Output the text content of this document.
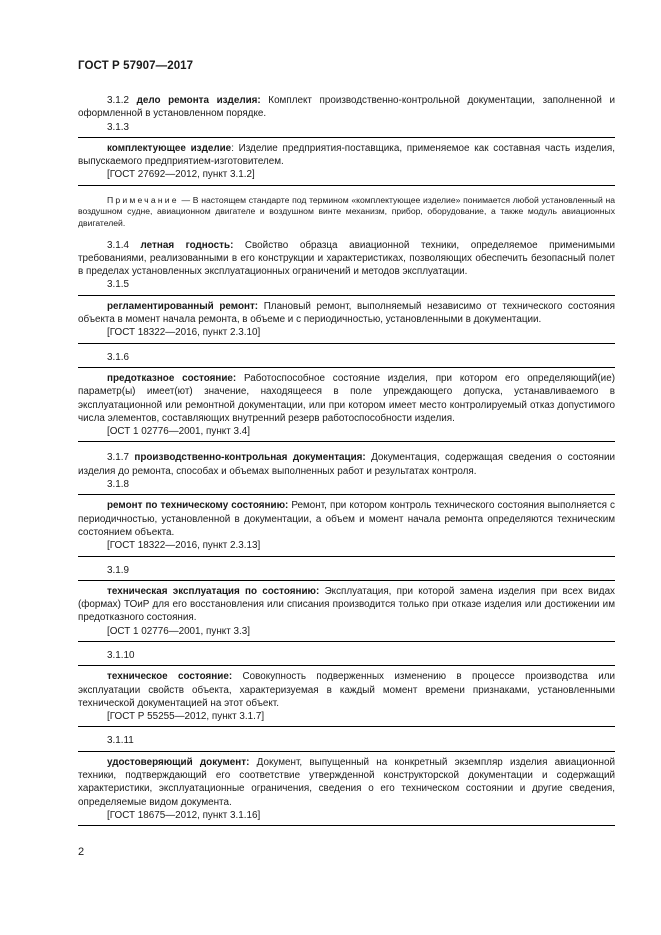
ГОСТ Р 57907—2017

3.1.2 дело ремонта изделия: Комплект производственно-контрольной документации, заполненной и оформленной в установленном порядке.

3.1.3

комплектующее изделие: Изделие предприятия-поставщика, применяемое как составная часть изделия, выпускаемого предприятием-изготовителем.

[ГОСТ 27692—2012, пункт 3.1.2]

Примечание — В настоящем стандарте под термином «комплектующее изделие» понимается любой установленный на воздушном судне, авиационном двигателе и воздушном винте механизм, прибор, оборудование, а также модуль авиационных двигателей.

3.1.4 летная годность: Свойство образца авиационной техники, определяемое применимыми требованиями, реализованными в его конструкции и характеристиках, позволяющих обеспечить безопасный полет в пределах установленных эксплуатационных ограничений и методов эксплуатации.

3.1.5

регламентированный ремонт: Плановый ремонт, выполняемый независимо от технического состояния объекта в момент начала ремонта, в объеме и с периодичностью, установленными в документации.

[ГОСТ 18322—2016, пункт 2.3.10]
3.1.6

предотказное состояние: Работоспособное состояние изделия, при котором его определяющий(ие) параметр(ы) имеет(ют) значение, находящееся в поле упреждающего допуска, устанавливаемого в эксплуатационной или ремонтной документации, или при котором имеет место контролируемый отказ допустимого числа элементов, составляющих внутренний резерв работоспособности изделия.

[ОСТ 1 02776—2001, пункт 3.4]

3.1.7 производственно-контрольная документация: Документация, содержащая сведения о состоянии изделия до ремонта, способах и объемах выполненных работ и результатах контроля.

3.1.8

ремонт по техническому состоянию: Ремонт, при котором контроль технического состояния выполняется с периодичностью, установленной в документации, а объем и момент начала ремонта определяются техническим состоянием объекта.

[ГОСТ 18322—2016, пункт 2.3.13]
3.1.9

техническая эксплуатация по состоянию: Эксплуатация, при которой замена изделия при всех видах (формах) ТОиР для его восстановления или списания производится только при отказе изделия или достижении им предотказного состояния.

[ОСТ 1 02776—2001, пункт 3.3]
3.1.10

техническое состояние: Совокупность подверженных изменению в процессе производства или эксплуатации свойств объекта, характеризуемая в каждый момент времени признаками, установленными технической документацией на этот объект.

[ГОСТ Р 55255—2012, пункт 3.1.7]
3.1.11

удостоверяющий документ: Документ, выпущенный на конкретный экземпляр изделия авиационной техники, подтверждающий его соответствие утвержденной конструкторской документации и содержащий характеристики, эксплуатационные ограничения, сведения о его техническом состоянии и другие сведения, определяемые видом документа.

[ГОСТ 18675—2012, пункт 3.1.16]
2
